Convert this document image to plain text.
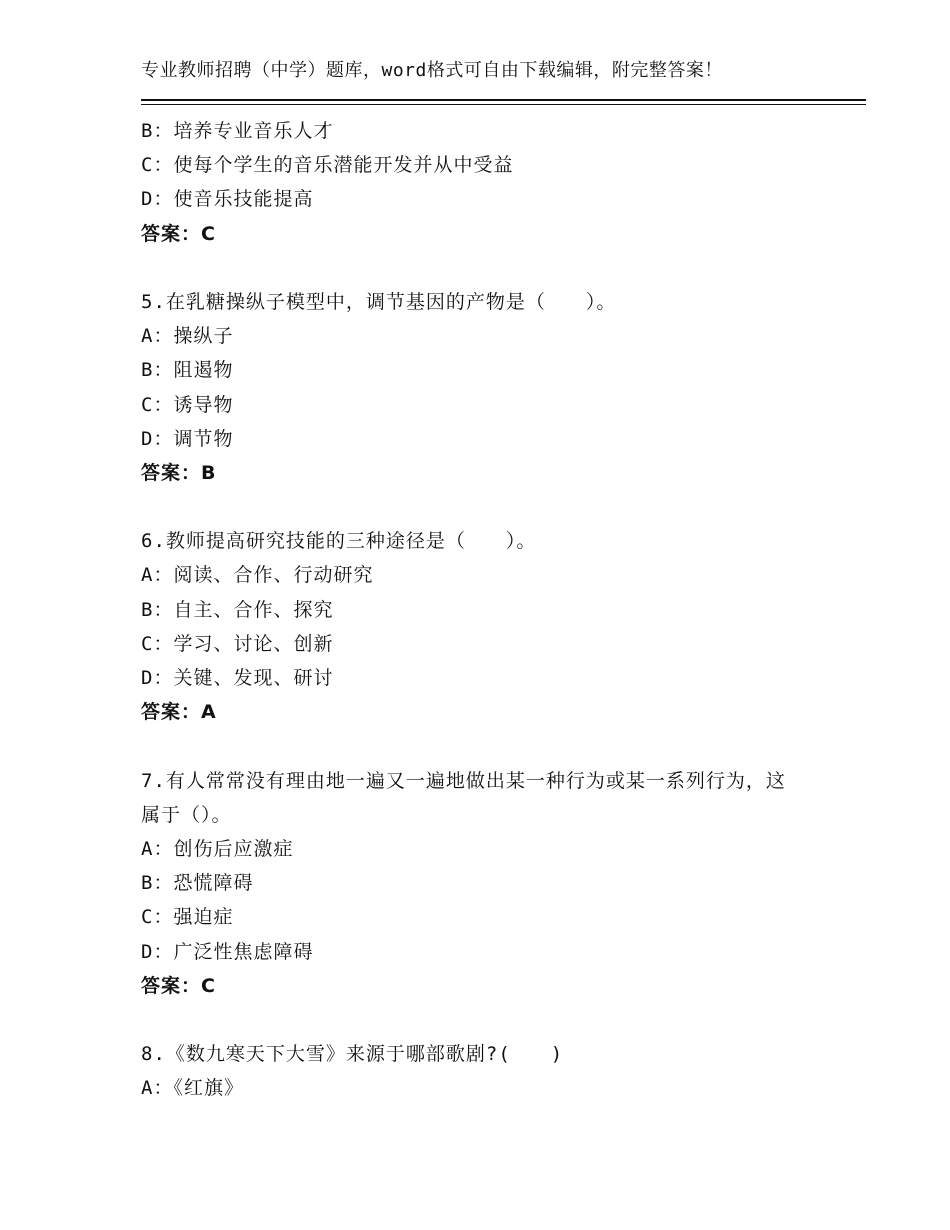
专业教师招聘（中学）题库，word格式可自由下载编辑，附完整答案！
B：培养专业音乐人才
C：使每个学生的音乐潜能开发并从中受益
D：使音乐技能提高
答案：C
5.在乳糖操纵子模型中，调节基因的产物是（　　）。
A：操纵子
B：阻遏物
C：诱导物
D：调节物
答案：B
6.教师提高研究技能的三种途径是（　　）。
A：阅读、合作、行动研究
B：自主、合作、探究
C：学习、讨论、创新
D：关键、发现、研讨
答案：A
7.有人常常没有理由地一遍又一遍地做出某一种行为或某一系列行为，这属于（）。
A：创伤后应激症
B：恐慌障碍
C：强迫症
D：广泛性焦虑障碍
答案：C
8.《数九寒天下大雪》来源于哪部歌剧?(　　)
A：《红旗》
